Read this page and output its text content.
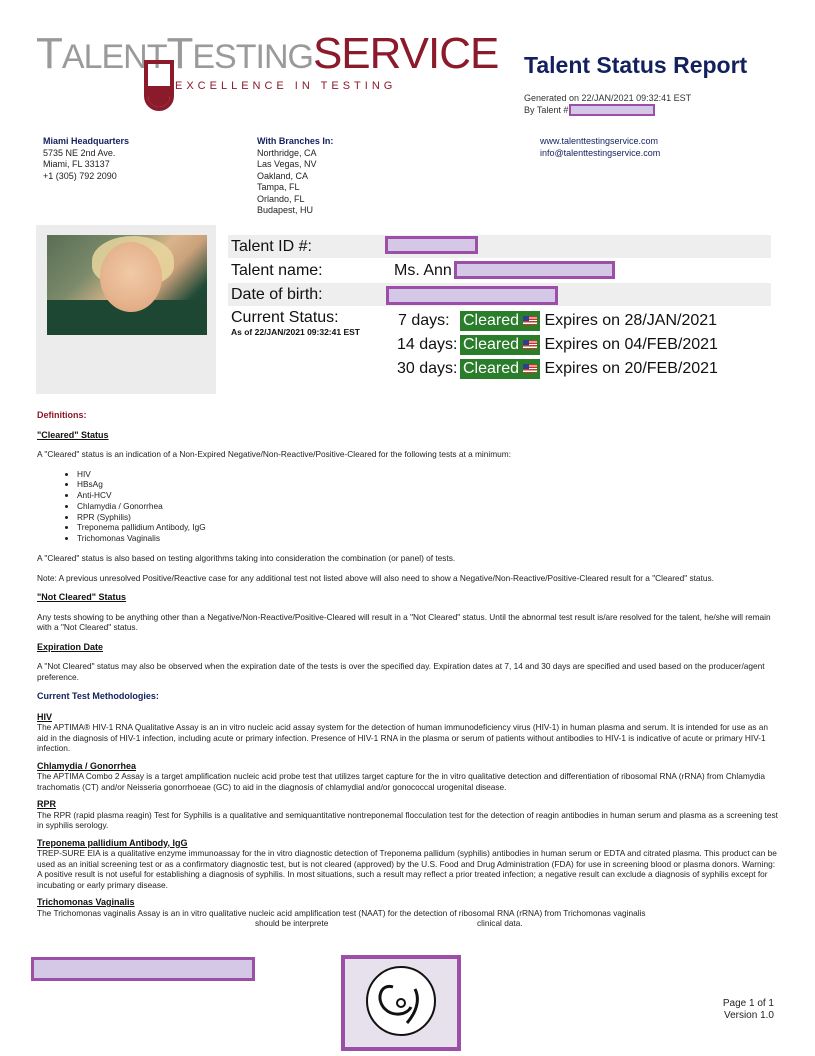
TALENTTESTINGSERVICE
EXCELLENCE IN TESTING
Talent Status Report
Generated on 22/JAN/2021 09:32:41 EST
By Talent #
Miami Headquarters
5735 NE 2nd Ave.
Miami, FL 33137
+1 (305) 792 2090
With Branches In:
Northridge, CA
Las Vegas, NV
Oakland, CA
Tampa, FL
Orlando, FL
Budapest, HU
www.talenttestingservice.com
info@talenttestingservice.com
Talent ID #:
Talent name:	Ms. Ann
Date of birth:
Current Status:
As of 22/JAN/2021 09:32:41 EST
7 days: Cleared Expires on 28/JAN/2021
14 days: Cleared Expires on 04/FEB/2021
30 days: Cleared Expires on 20/FEB/2021
Definitions:
"Cleared" Status
A "Cleared" status is an indication of a Non-Expired Negative/Non-Reactive/Positive-Cleared for the following tests at a minimum:
• HIV
• HBsAg
• Anti-HCV
• Chlamydia / Gonorrhea
• RPR (Syphilis)
• Treponema pallidium Antibody, IgG
• Trichomonas Vaginalis
A "Cleared" status is also based on testing algorithms taking into consideration the combination (or panel) of tests.
Note: A previous unresolved Positive/Reactive case for any additional test not listed above will also need to show a Negative/Non-Reactive/Positive-Cleared result for a "Cleared" status.
"Not Cleared" Status
Any tests showing to be anything other than a Negative/Non-Reactive/Positive-Cleared will result in a "Not Cleared" status. Until the abnormal test result is/are resolved for the talent, he/she will remain with a "Not Cleared" status.
Expiration Date
A "Not Cleared" status may also be observed when the expiration date of the tests is over the specified day. Expiration dates at 7, 14 and 30 days are specified and used based on the producer/agent preference.
Current Test Methodologies:
HIV
The APTIMA® HIV-1 RNA Qualitative Assay is an in vitro nucleic acid assay system for the detection of human immunodeficiency virus (HIV-1) in human plasma and serum. It is intended for use as an aid in the diagnosis of HIV-1 infection, including acute or primary infection. Presence of HIV-1 RNA in the plasma or serum of patients without antibodies to HIV-1 is indicative of acute or primary HIV-1 infection.
Chlamydia / Gonorrhea
The APTIMA Combo 2 Assay is a target amplification nucleic acid probe test that utilizes target capture for the in vitro qualitative detection and differentiation of ribosomal RNA (rRNA) from Chlamydia trachomatis (CT) and/or Neisseria gonorrhoeae (GC) to aid in the diagnosis of chlamydial and/or gonococcal urogenital disease.
RPR
The RPR (rapid plasma reagin) Test for Syphilis is a qualitative and semiquantitative nontreponemal flocculation test for the detection of reagin antibodies in human serum and plasma as a screening test in syphilis serology.
Treponema pallidium Antibody, IgG
TREP-SURE EIA is a qualitative enzyme immunoassay for the in vitro diagnostic detection of Treponema pallidum (syphilis) antibodies in human serum or EDTA and citrated plasma. This product can be used as an initial screening test or as a confirmatory diagnostic test, but is not cleared (approved) by the U.S. Food and Drug Administration (FDA) for use in screening blood or plasma donors. Warning: A positive result is not useful for establishing a diagnosis of syphilis. In most situations, such a result may reflect a prior treated infection; a negative result can exclude a diagnosis of syphilis except for incubating or early primary disease.
Trichomonas Vaginalis
The Trichomonas vaginalis Assay is an in vitro qualitative nucleic acid amplification test (NAAT) for the detection of ribosomal RNA (rRNA) from Trichomonas vaginalis
should be interprete	clinical data.
Page 1 of 1
Version 1.0
